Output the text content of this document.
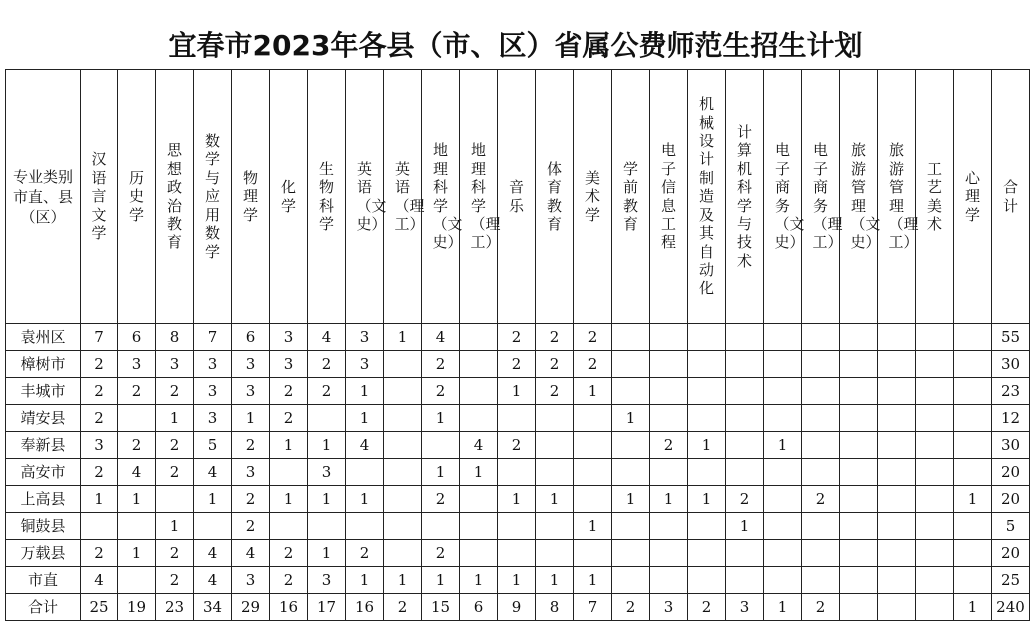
宜春市2023年各县（市、区）省属公费师范生招生计划
专业类别
市直、县
（区）	汉语言文学	历史学	思想政治教育	数学与应用数学	物理学	化学	生物科学	英语（文史）	英语（理工）	地理科学（文史）	地理科学（理工）	音乐	体育教育	美术学	学前教育	电子信息工程	机械设计制造及其自动化	计算机科学与技术	电子商务（文史）	电子商务（理工）	旅游管理（文史）	旅游管理（理工）	工艺美术	心理学	合计
袁州区	7	6	8	7	6	3	4	3	1	4		2	2	2											55
樟树市	2	3	3	3	3	3	2	3		2		2	2	2											30
丰城市	2	2	2	3	3	2	2	1		2		1	2	1											23
靖安县	2		1	3	1	2		1		1					1										12
奉新县	3	2	2	5	2	1	1	4			4	2				2	1		1						30
高安市	2	4	2	4	3		3			1	1														20
上高县	1	1		1	2	1	1	1		2		1	1		1	1	1	2		2				1	20
铜鼓县			1		2									1				1							5
万载县	2	1	2	4	4	2	1	2		2															20
市直	4		2	4	3	2	3	1	1	1	1	1	1	1											25
合计	25	19	23	34	29	16	17	16	2	15	6	9	8	7	2	3	2	3	1	2				1	240
